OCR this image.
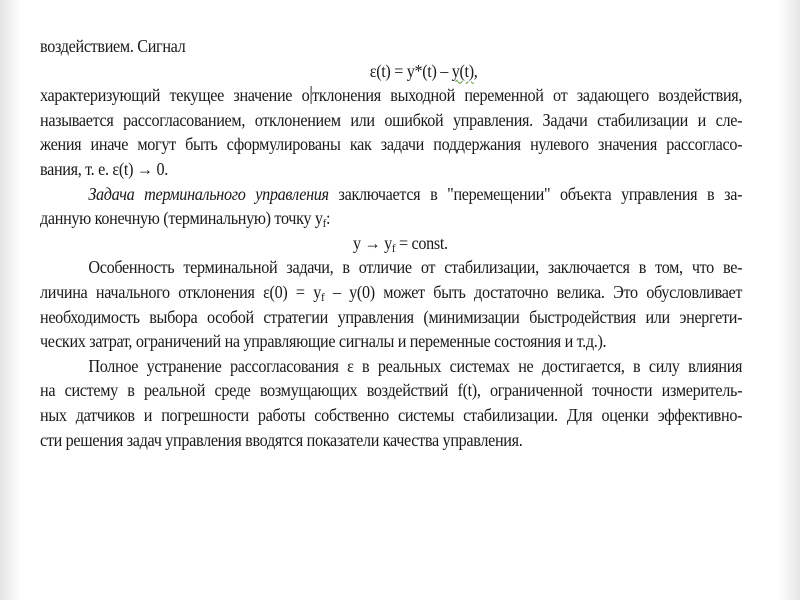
воздействием. Сигнал
ε(t) = y*(t) – y(t),
характеризующий текущее значение о тклонения выходной переменной от задающего воздействия,
называется рассогласованием, отклонением или ошибкой управления. Задачи стабилизации и сле-
жения иначе могут быть сформулированы как задачи поддержания нулевого значения рассогласо-
вания, т. е. ε(t) → 0.
Задача терминального управления заключается в "перемещении" объекта управления в за-
данную конечную (терминальную) точку $y_f$:
$y \to y_f$ = const.
Особенность терминальной задачи, в отличие от стабилизации, заключается в том, что ве-
личина начального отклонения $\varepsilon(0) = y_f - y(0)$ может быть достаточно велика. Это обусловливает
необходимость выбора особой стратегии управления (минимизации быстродействия или энергети-
ческих затрат, ограничений на управляющие сигналы и переменные состояния и т.д.).
Полное устранение рассогласования ε в реальных системах не достигается, в силу влияния
на систему в реальной среде возмущающих воздействий f(t), ограниченной точности измеритель-
ных датчиков и погрешности работы собственно системы стабилизации. Для оценки эффективно-
сти решения задач управления вводятся показатели качества управления.
